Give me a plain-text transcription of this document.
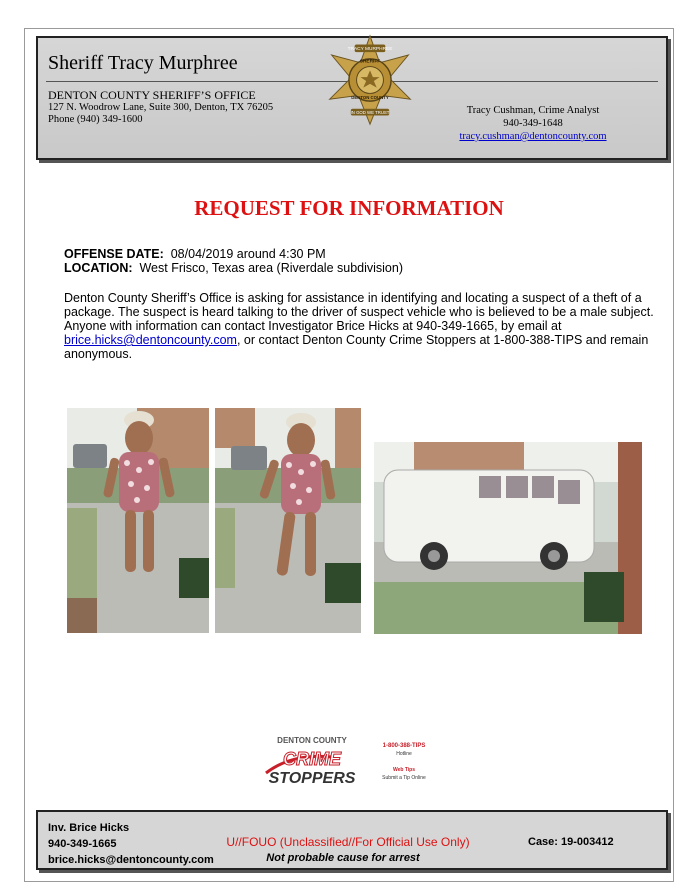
Sheriff Tracy Murphree
DENTON COUNTY SHERIFF’S OFFICE
127 N. Woodrow Lane, Suite 300, Denton, TX 76205
Phone (940) 349-1600
TRACY MURPHREE
SHERIFF
DENTON COUNTY
IN GOD WE TRUST	Tracy Cushman, Crime Analyst
940-349-1648
tracy.cushman@dentoncounty.com
REQUEST FOR INFORMATION
OFFENSE DATE: 08/04/2019 around 4:30 PM
LOCATION: West Frisco, Texas area (Riverdale subdivision)
Denton County Sheriff’s Office is asking for assistance in identifying and locating a suspect of a theft of a package. The suspect is heard talking to the driver of suspect vehicle who is believed to be a male subject. Anyone with information can contact Investigator Brice Hicks at 940-349-1665, by email at
brice.hicks@dentoncounty.com, or contact Denton County Crime Stoppers at 1-800-388-TIPS and remain anonymous.
DENTON COUNTY
CRIME
STOPPERS
1-800-388-TIPS
Hotline
Web Tips
Submit a Tip Online
Inv. Brice Hicks
940-349-1665
brice.hicks@dentoncounty.com
U//FOUO (Unclassified//For Official Use Only)
Not probable cause for arrest
Case: 19-003412
